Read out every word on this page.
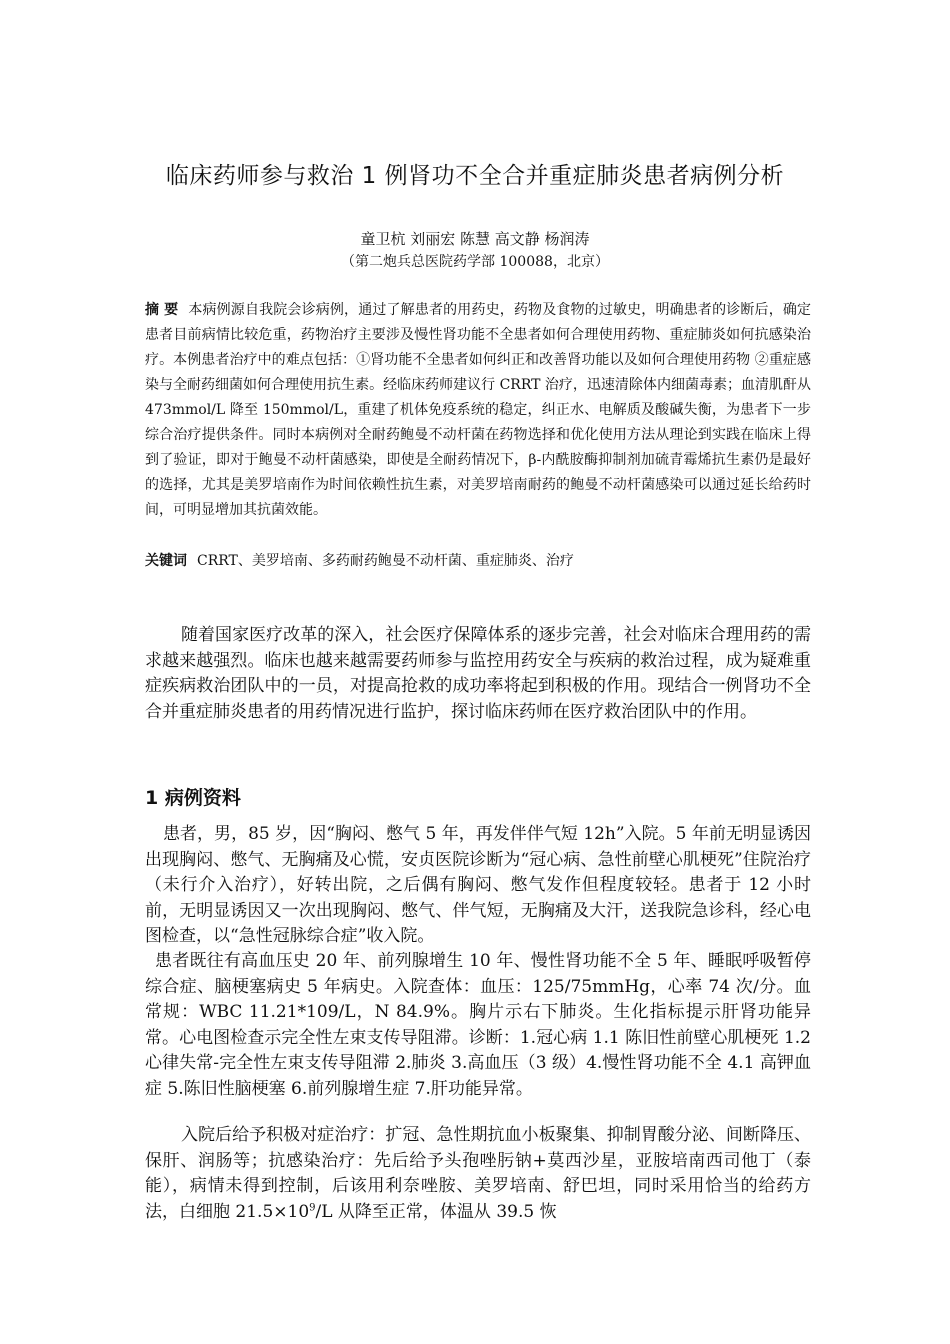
临床药师参与救治 1 例肾功不全合并重症肺炎患者病例分析
童卫杭 刘丽宏 陈慧 高文静 杨润涛
（第二炮兵总医院药学部 100088，北京）
摘 要 本病例源自我院会诊病例，通过了解患者的用药史，药物及食物的过敏史，明确患者的诊断后，确定患者目前病情比较危重，药物治疗主要涉及慢性肾功能不全患者如何合理使用药物、重症肺炎如何抗感染治疗。本例患者治疗中的难点包括：①肾功能不全患者如何纠正和改善肾功能以及如何合理使用药物 ②重症感染与全耐药细菌如何合理使用抗生素。经临床药师建议行 CRRT 治疗，迅速清除体内细菌毒素；血清肌酐从 473mmol/L 降至 150mmol/L，重建了机体免疫系统的稳定，纠正水、电解质及酸碱失衡，为患者下一步综合治疗提供条件。同时本病例对全耐药鲍曼不动杆菌在药物选择和优化使用方法从理论到实践在临床上得到了验证，即对于鲍曼不动杆菌感染，即使是全耐药情况下，β-内酰胺酶抑制剂加硫青霉烯抗生素仍是最好的选择，尤其是美罗培南作为时间依赖性抗生素，对美罗培南耐药的鲍曼不动杆菌感染可以通过延长给药时间，可明显增加其抗菌效能。
关键词 CRRT、美罗培南、多药耐药鲍曼不动杆菌、重症肺炎、治疗

随着国家医疗改革的深入，社会医疗保障体系的逐步完善，社会对临床合理用药的需求越来越强烈。临床也越来越需要药师参与监控用药安全与疾病的救治过程，成为疑难重症疾病救治团队中的一员，对提高抢救的成功率将起到积极的作用。现结合一例肾功不全合并重症肺炎患者的用药情况进行监护，探讨临床药师在医疗救治团队中的作用。

1 病例资料

患者，男，85 岁，因“胸闷、憋气 5 年，再发伴伴气短 12h”入院。5 年前无明显诱因出现胸闷、憋气、无胸痛及心慌，安贞医院诊断为“冠心病、急性前壁心肌梗死”住院治疗（未行介入治疗），好转出院，之后偶有胸闷、憋气发作但程度较轻。患者于 12 小时前，无明显诱因又一次出现胸闷、憋气、伴气短，无胸痛及大汗，送我院急诊科，经心电图检查，以“急性冠脉综合症”收入院。

患者既往有高血压史 20 年、前列腺增生 10 年、慢性肾功能不全 5 年、睡眠呼吸暂停综合症、脑梗塞病史 5 年病史。入院查体：血压：125/75mmHg，心率 74 次/分。血常规：WBC 11.21*109/L，N 84.9%。胸片示右下肺炎。生化指标提示肝肾功能异常。心电图检查示完全性左束支传导阻滞。诊断：1.冠心病 1.1 陈旧性前壁心肌梗死 1.2 心律失常-完全性左束支传导阻滞 2.肺炎 3.高血压（3 级）4.慢性肾功能不全 4.1 高钾血症 5.陈旧性脑梗塞 6.前列腺增生症 7.肝功能异常。

入院后给予积极对症治疗：扩冠、急性期抗血小板聚集、抑制胃酸分泌、间断降压、保肝、润肠等；抗感染治疗：先后给予头孢唑肟钠+莫西沙星，亚胺培南西司他丁（泰能），病情未得到控制，后该用利奈唑胺、美罗培南、舒巴坦，同时采用恰当的给药方法，白细胞 $21.5\times 10^9/L$ 从降至正常，体温从 39.5 恢
